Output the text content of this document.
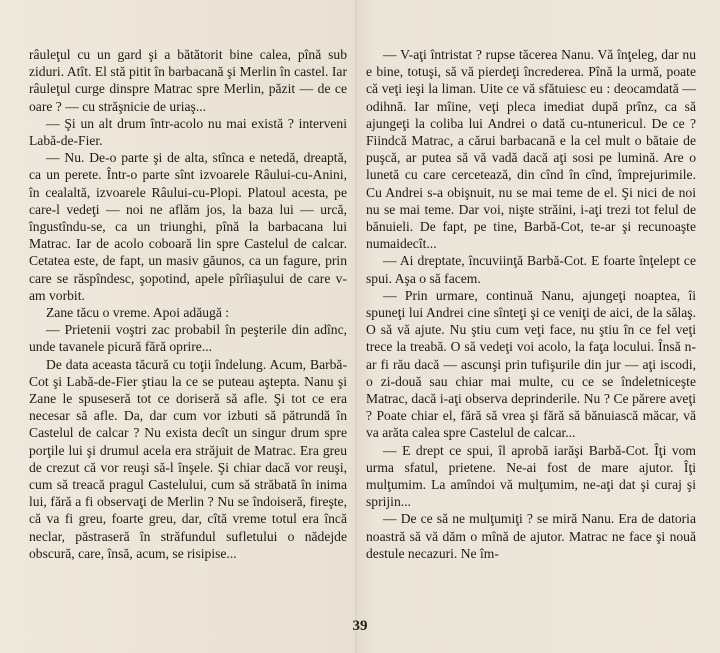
râuleţul cu un gard şi a bătătorit bine calea, pînă sub ziduri. Atît. El stă pitit în barbacană şi Merlin în castel. Iar râuleţul curge dinspre Matrac spre Merlin, păzit — de ce oare ? — cu străşnicie de uriaş...

— Şi un alt drum într-acolo nu mai există ? interveni Labă-de-Fier.

— Nu. De-o parte şi de alta, stînca e netedă, dreaptă, ca un perete. Într-o parte sînt izvoarele Râului-cu-Anini, în cealaltă, izvoarele Râului-cu-Plopi. Platoul acesta, pe care-l vedeţi — noi ne aflăm jos, la baza lui — urcă, îngustîndu-se, ca un triunghi, pînă la barbacana lui Matrac. Iar de acolo coboară lin spre Castelul de calcar. Cetatea este, de fapt, un masiv găunos, ca un fagure, prin care se răspîndesc, şopotind, apele pîrîiaşului de care v-am vorbit.

Zane tăcu o vreme. Apoi adăugă :

— Prietenii voştri zac probabil în peşterile din adînc, unde tavanele picură fără oprire...

De data aceasta tăcură cu toţii îndelung. Acum, Barbă-Cot şi Labă-de-Fier ştiau la ce se puteau aştepta. Nanu şi Zane le spuseseră tot ce doriseră să afle. Şi tot ce era necesar să afle. Da, dar cum vor izbuti să pătrundă în Castelul de calcar ? Nu exista decît un singur drum spre porţile lui şi drumul acela era străjuit de Matrac. Era greu de crezut că vor reuşi să-l înşele. Şi chiar dacă vor reuşi, cum să treacă pragul Castelului, cum să străbată în inima lui, fără a fi observaţi de Merlin ? Nu se îndoiseră, fireşte, că va fi greu, foarte greu, dar, cîtă vreme totul era încă neclar, păstraseră în străfundul sufletului o nădejde obscură, care, însă, acum, se risipise...

— V-aţi întristat ? rupse tăcerea Nanu. Vă înţeleg, dar nu e bine, totuşi, să vă pierdeţi încrederea. Pînă la urmă, poate că veţi ieşi la liman. Uite ce vă sfătuiesc eu : deocamdată — odihnă. Iar mîine, veţi pleca imediat după prînz, ca să ajungeţi la coliba lui Andrei o dată cu-ntunericul. De ce ? Fiindcă Matrac, a cărui barbacană e la cel mult o bătaie de puşcă, ar putea să vă vadă dacă aţi sosi pe lumină. Are o lunetă cu care cercetează, din cînd în cînd, împrejurimile. Cu Andrei s-a obişnuit, nu se mai teme de el. Şi nici de noi nu se mai teme. Dar voi, nişte străini, i-aţi trezi tot felul de bănuieli. De fapt, pe tine, Barbă-Cot, te-ar şi recunoaşte numaidecît...

— Ai dreptate, încuviinţă Barbă-Cot. E foarte înţelept ce spui. Aşa o să facem.

— Prin urmare, continuă Nanu, ajungeţi noaptea, îi spuneţi lui Andrei cine sînteţi şi ce veniţi de aici, de la sălaş. O să vă ajute. Nu ştiu cum veţi face, nu ştiu în ce fel veţi trece la treabă. O să vedeţi voi acolo, la faţa locului. Însă n-ar fi rău dacă — ascunşi prin tufişurile din jur — aţi iscodi, o zi-două sau chiar mai multe, cu ce se îndeletniceşte Matrac, dacă i-aţi observa deprinderile. Nu ? Ce părere aveţi ? Poate chiar el, fără să vrea şi fără să bănuiască măcar, vă va arăta calea spre Castelul de calcar...

— E drept ce spui, îl aprobă iarăşi Barbă-Cot. Îţi vom urma sfatul, prietene. Ne-ai fost de mare ajutor. Îţi mulţumim. La amîndoi vă mulţumim, ne-aţi dat şi curaj şi sprijin...

— De ce să ne mulţumiţi ? se miră Nanu. Era de datoria noastră să vă dăm o mînă de ajutor. Matrac ne face şi nouă destule necazuri. Ne îm-

39
